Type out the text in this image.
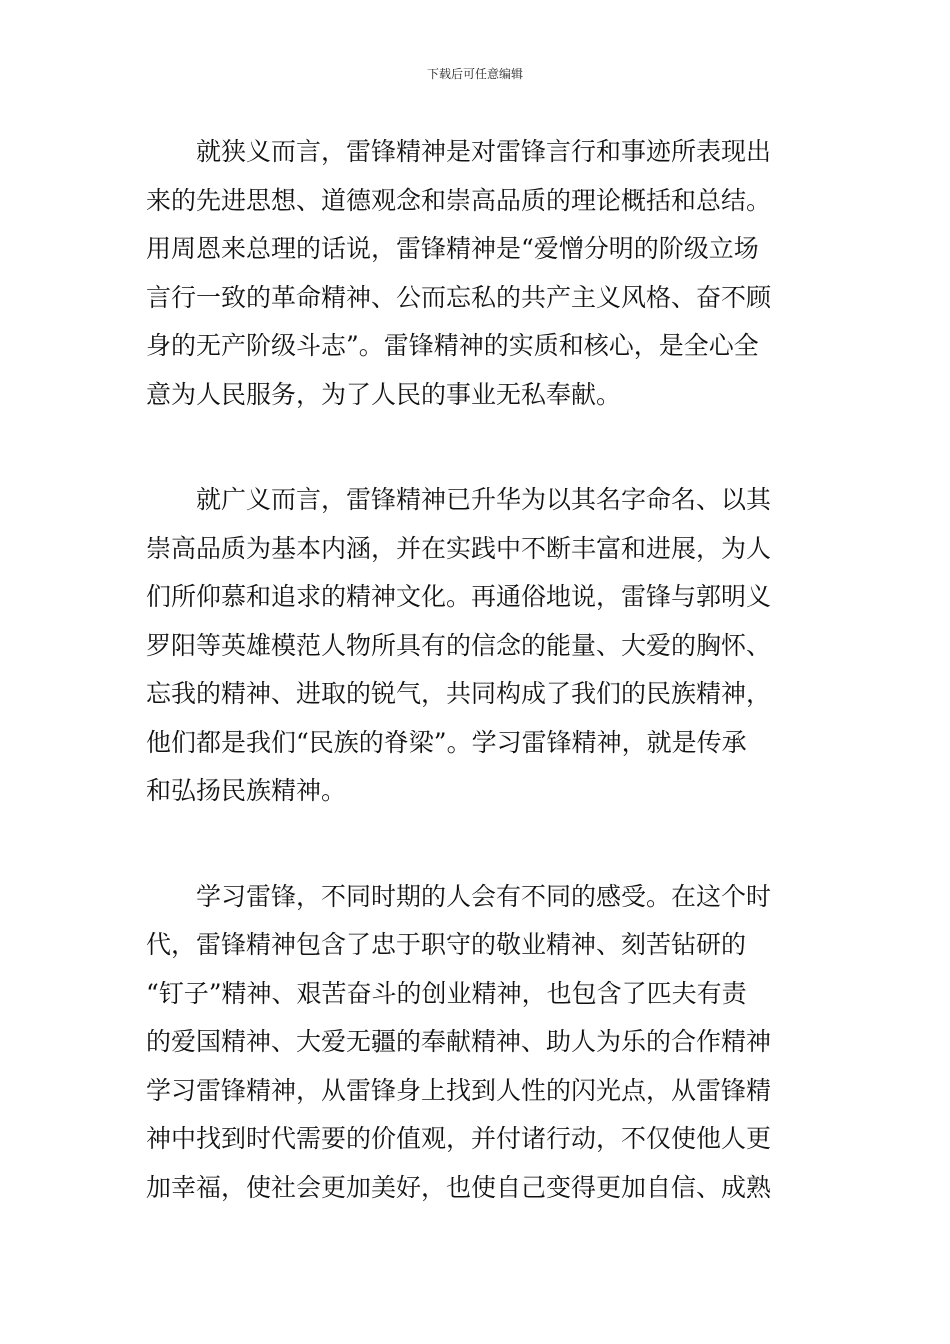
下载后可任意编辑

　　就狭义而言，雷锋精神是对雷锋言行和事迹所表现出
来的先进思想、道德观念和崇高品质的理论概括和总结。
用周恩来总理的话说，雷锋精神是“爱憎分明的阶级立场
言行一致的革命精神、公而忘私的共产主义风格、奋不顾
身的无产阶级斗志”。雷锋精神的实质和核心，是全心全
意为人民服务，为了人民的事业无私奉献。

　　就广义而言，雷锋精神已升华为以其名字命名、以其
崇高品质为基本内涵，并在实践中不断丰富和进展，为人
们所仰慕和追求的精神文化。再通俗地说，雷锋与郭明义
罗阳等英雄模范人物所具有的信念的能量、大爱的胸怀、
忘我的精神、进取的锐气，共同构成了我们的民族精神，
他们都是我们“民族的脊梁”。学习雷锋精神，就是传承
和弘扬民族精神。

　　学习雷锋，不同时期的人会有不同的感受。在这个时
代，雷锋精神包含了忠于职守的敬业精神、刻苦钻研的
“钉子”精神、艰苦奋斗的创业精神，也包含了匹夫有责
的爱国精神、大爱无疆的奉献精神、助人为乐的合作精神
学习雷锋精神，从雷锋身上找到人性的闪光点，从雷锋精
神中找到时代需要的价值观，并付诸行动，不仅使他人更
加幸福，使社会更加美好，也使自己变得更加自信、成熟
